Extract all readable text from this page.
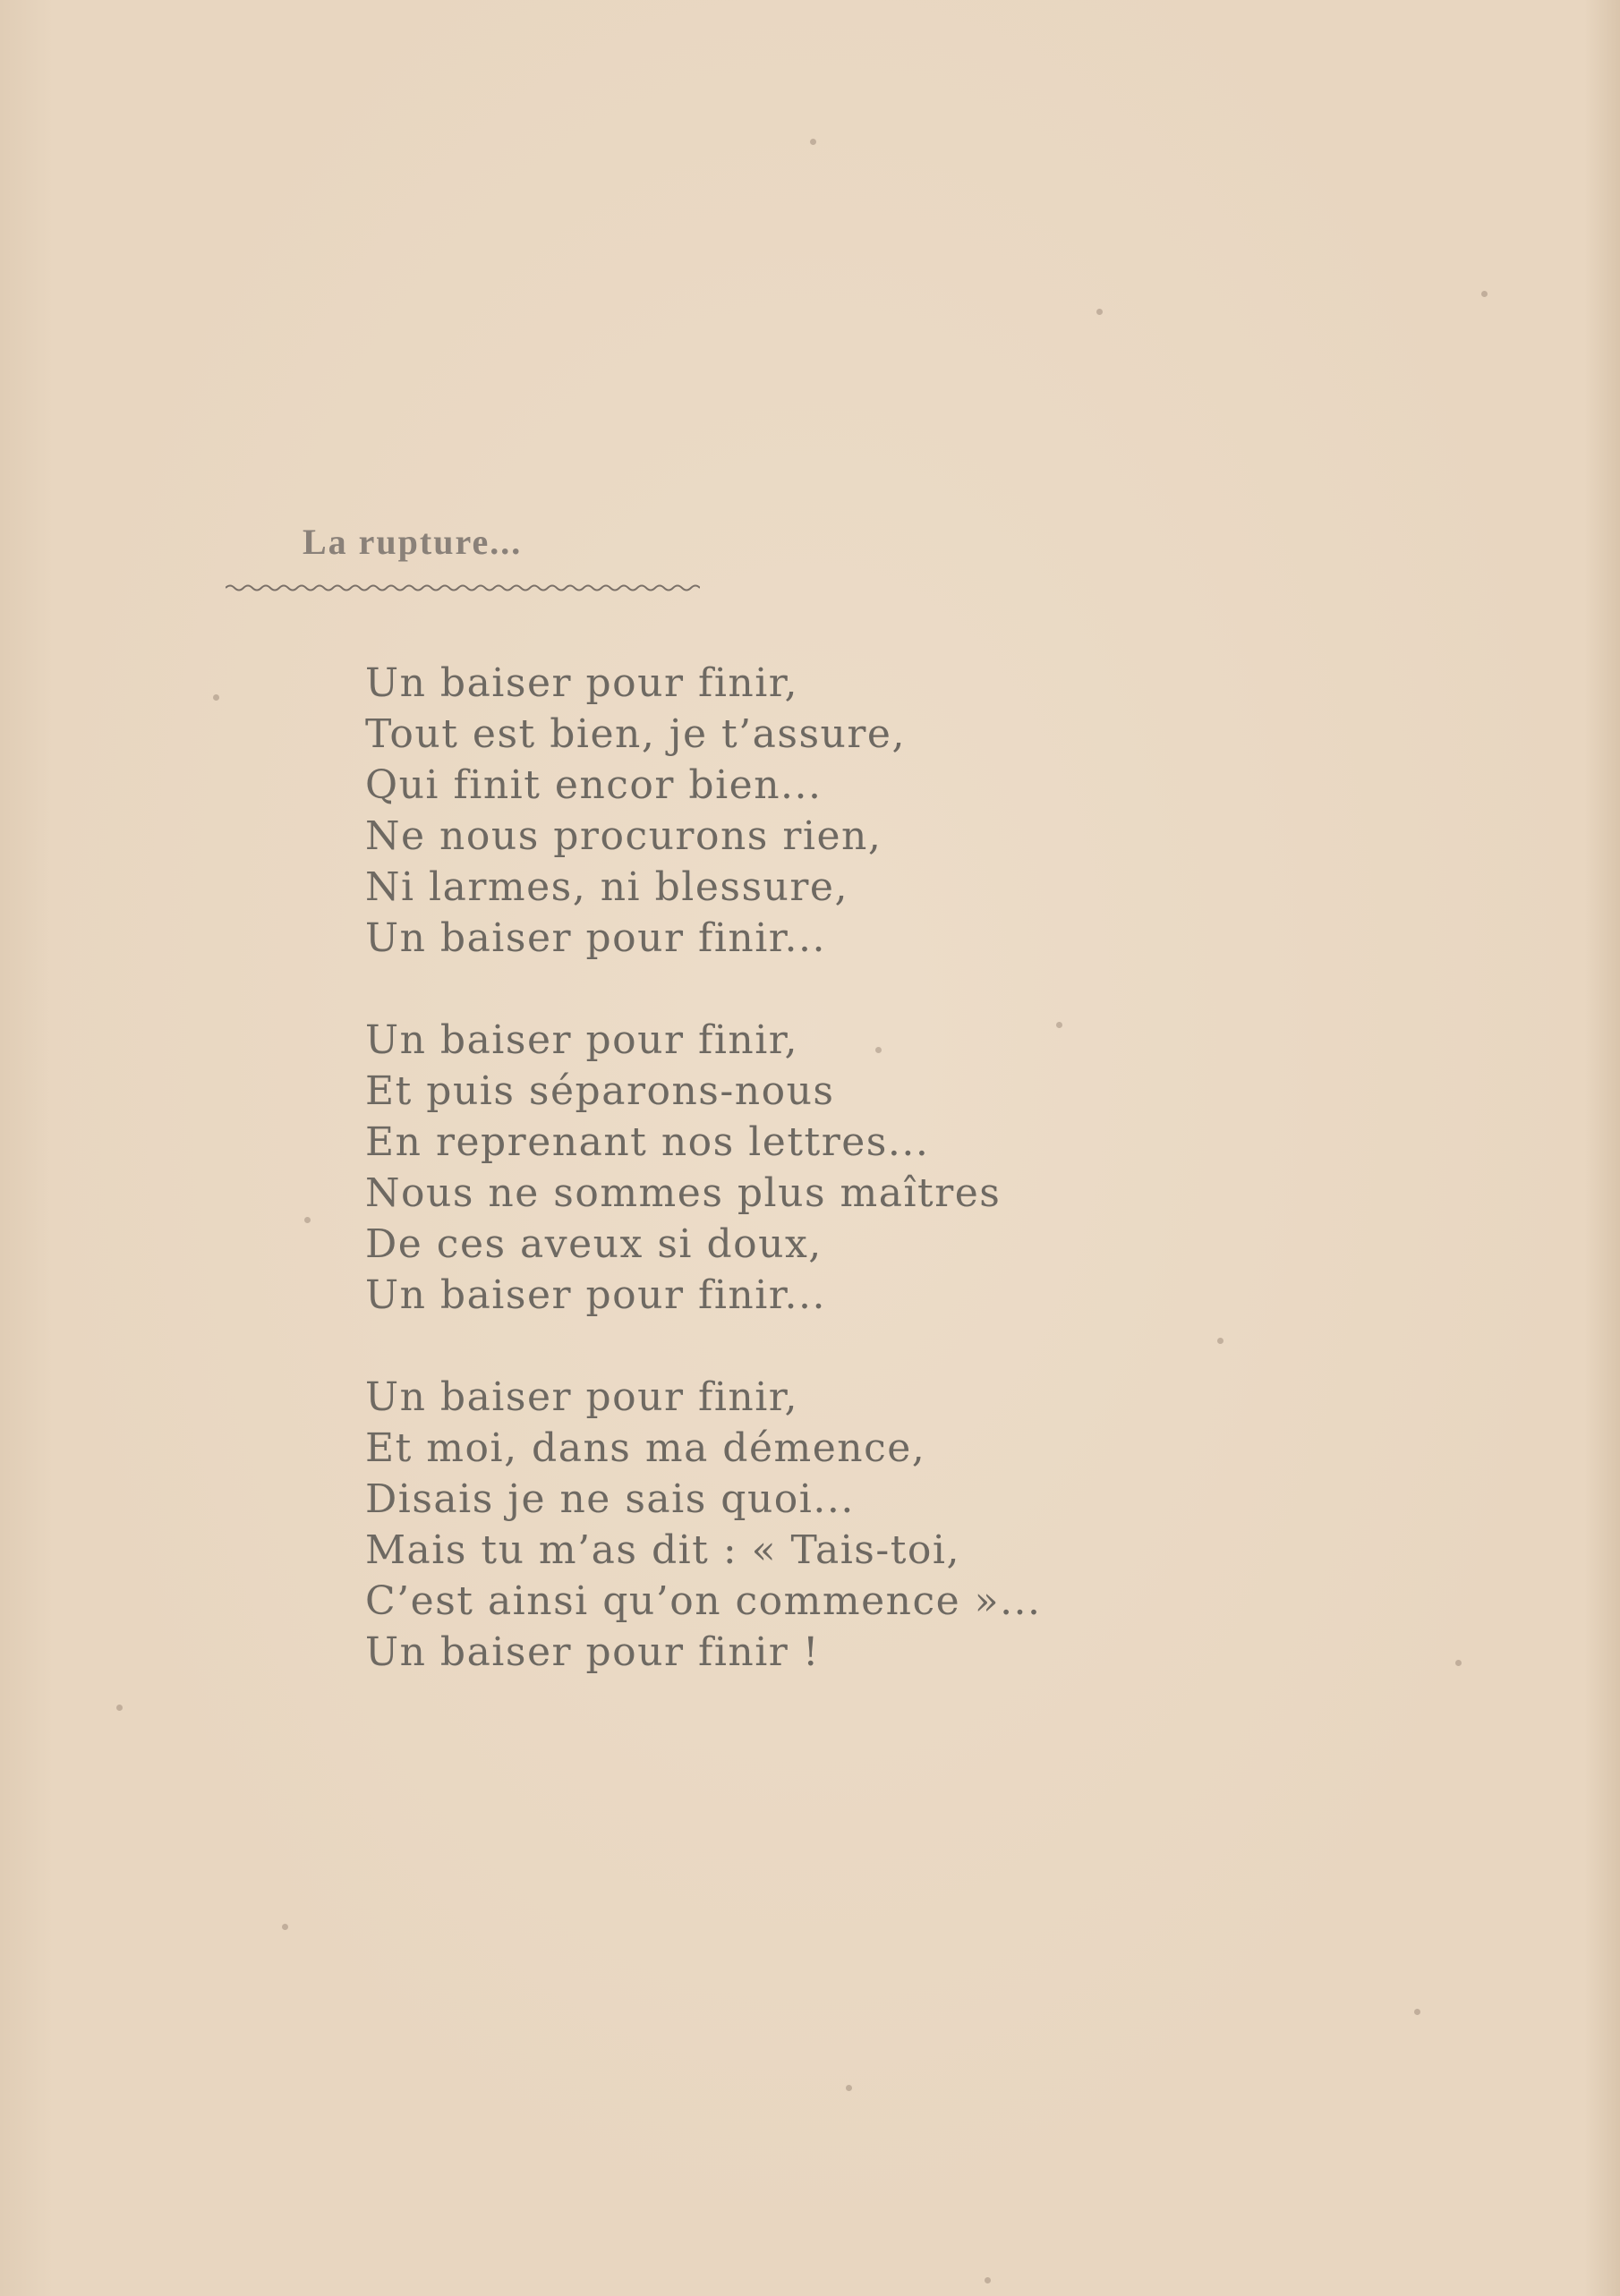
La rupture...
Un baiser pour finir,
Tout est bien, je t’assure,
Qui finit encor bien...
Ne nous procurons rien,
Ni larmes, ni blessure,
Un baiser pour finir...
Un baiser pour finir,
Et puis séparons-nous
En reprenant nos lettres...
Nous ne sommes plus maîtres
De ces aveux si doux,
Un baiser pour finir...
Un baiser pour finir,
Et moi, dans ma démence,
Disais je ne sais quoi...
Mais tu m’as dit : « Tais-toi,
C’est ainsi qu’on commence »...
Un baiser pour finir !
